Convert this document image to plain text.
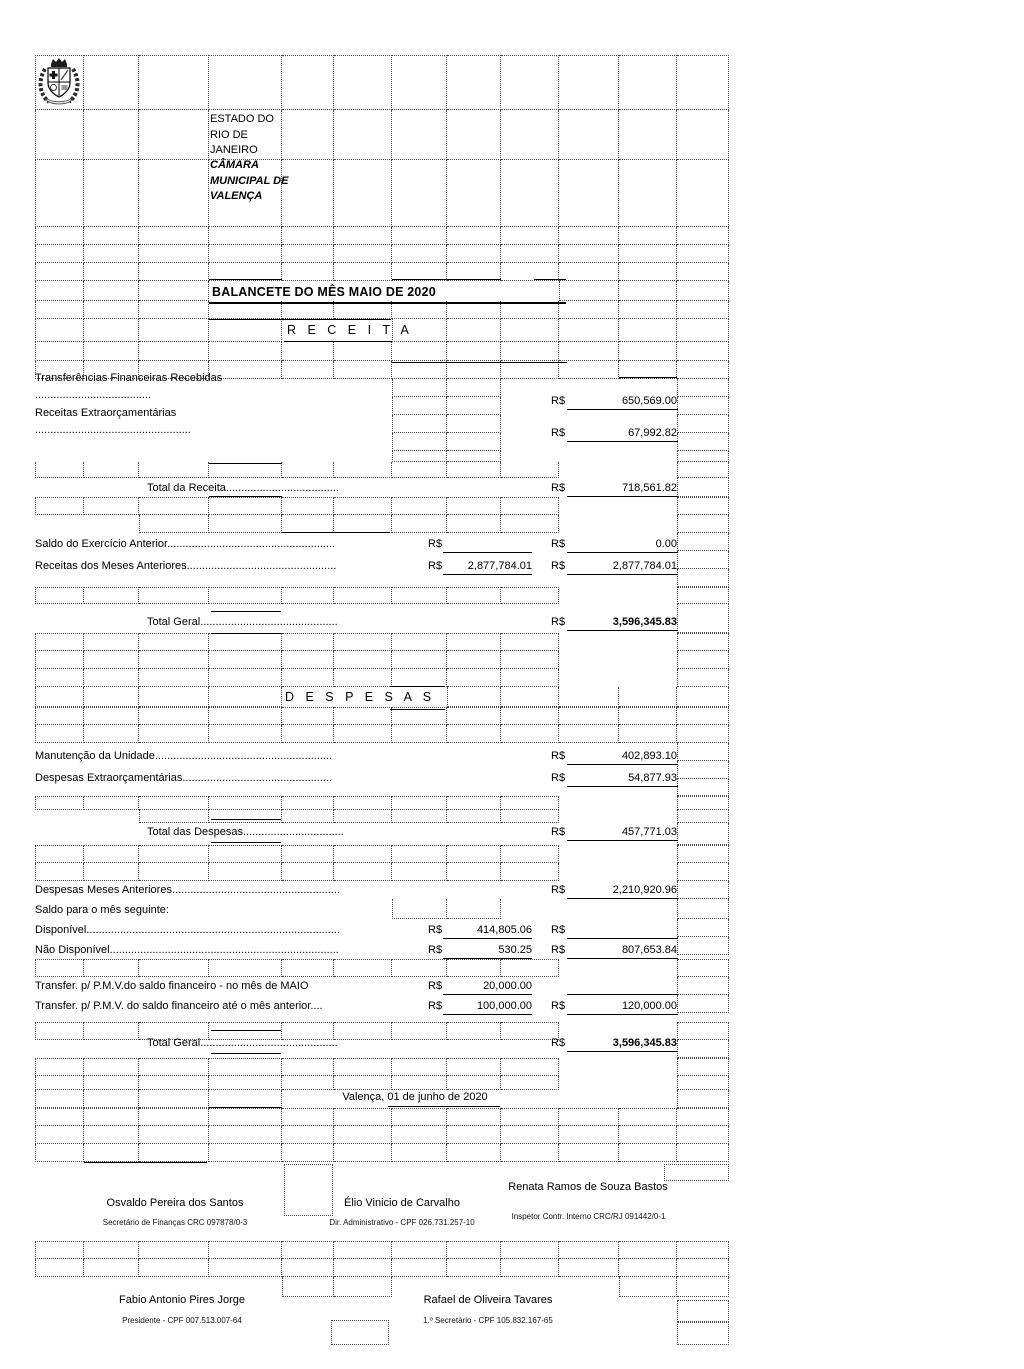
ESTADO DO RIO DE JANEIRO
CÂMARA MUNICIPAL DE VALENÇA
BALANCETE DO MÊS MAIO DE 2020
R E C E I T A
Transferências Financeiras Recebidas
......................................	R$	650,569.00
Receitas Extraorçamentárias
...................................................	R$	67,992.82
Total da Receita.....................................	R$	718,561.82
Saldo do Exercício Anterior.......................................................	R$	R$	0.00
Receitas dos Meses Anteriores.................................................	R$	2,877,784.01 R$	2,877,784.01
Total Geral.............................................	R$	3,596,345.83
D E S P E S A S
Manutenção da Unidade..........................................................	R$	402,893.10
Despesas Extraorçamentárias.................................................	R$	54,877.93
Total das Despesas.................................	R$	457,771.03
Despesas Meses Anteriores.......................................................	R$	2,210,920.96
Saldo para o mês seguinte:
Disponível...................................................................................	R$	414,805.06 R$
Não Disponível...........................................................................	R$	530.25 R$	807,653.84
Transfer. p/ P.M.V.do saldo financeiro - no mês de MAIO	R$	20,000.00
Transfer. p/ P.M.V. do saldo financeiro até o mês anterior....	R$	100,000.00 R$	120,000.00
Total Geral.............................................	R$	3,596,345.83
Valença, 01 de junho de 2020
Osvaldo Pereira dos Santos
Secretário de Finanças CRC 097878/0-3
Élio Vinicio de Carvalho
Dir. Administrativo - CPF 026.731.257-10
Renata Ramos de Souza Bastos
Inspetor Contr. Interno CRC/RJ 091442/0-1
Fabio Antonio Pires Jorge
Presidente - CPF 007.513.007-64
Rafael de Oliveira Tavares
1.º Secretário - CPF 105.832.167-65
